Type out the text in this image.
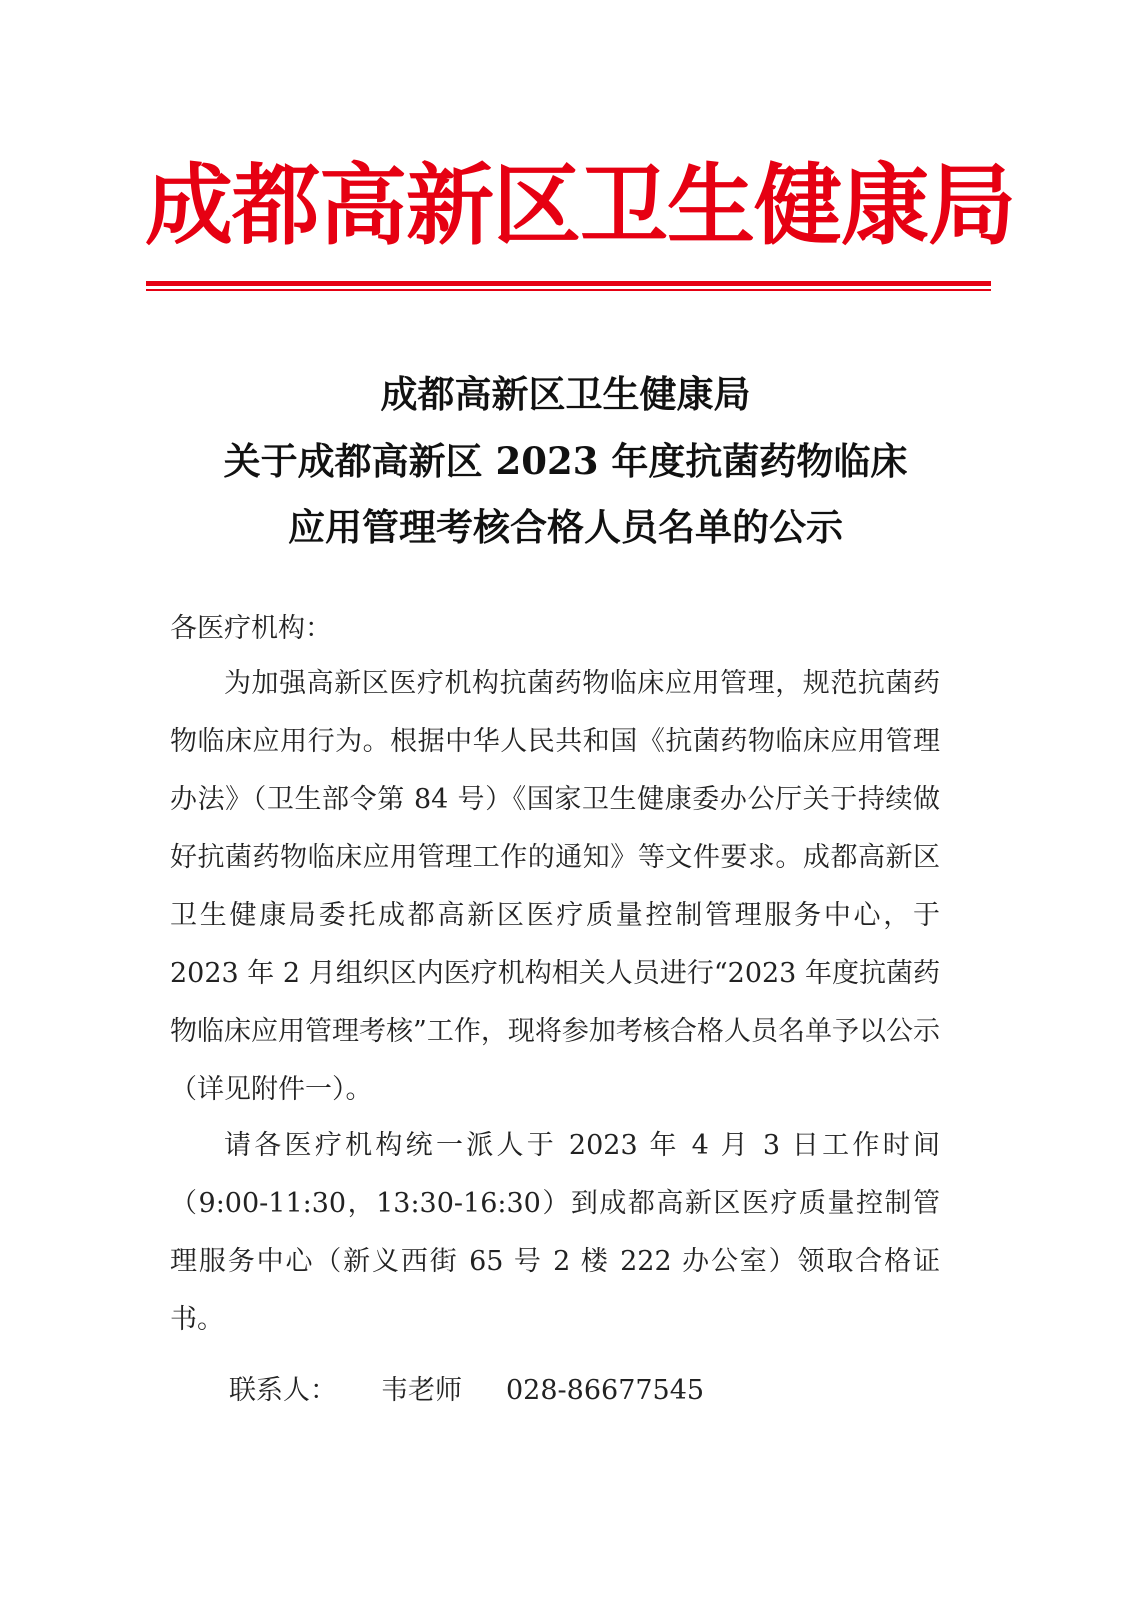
成都高新区卫生健康局
成都高新区卫生健康局
关于成都高新区 2023 年度抗菌药物临床
应用管理考核合格人员名单的公示
各医疗机构：
为加强高新区医疗机构抗菌药物临床应用管理，规范抗菌药物临床应用行为。根据中华人民共和国《抗菌药物临床应用管理办法》（卫生部令第 84 号）《国家卫生健康委办公厅关于持续做好抗菌药物临床应用管理工作的通知》等文件要求。成都高新区卫生健康局委托成都高新区医疗质量控制管理服务中心，于 2023 年 2 月组织区内医疗机构相关人员进行“2023 年度抗菌药物临床应用管理考核”工作，现将参加考核合格人员名单予以公示（详见附件一）。
请各医疗机构统一派人于 2023 年 4 月 3 日工作时间（9:00-11:30，13:30-16:30）到成都高新区医疗质量控制管理服务中心（新义西街 65 号 2 楼 222 办公室）领取合格证书。
联系人： 韦老师 028-86677545
